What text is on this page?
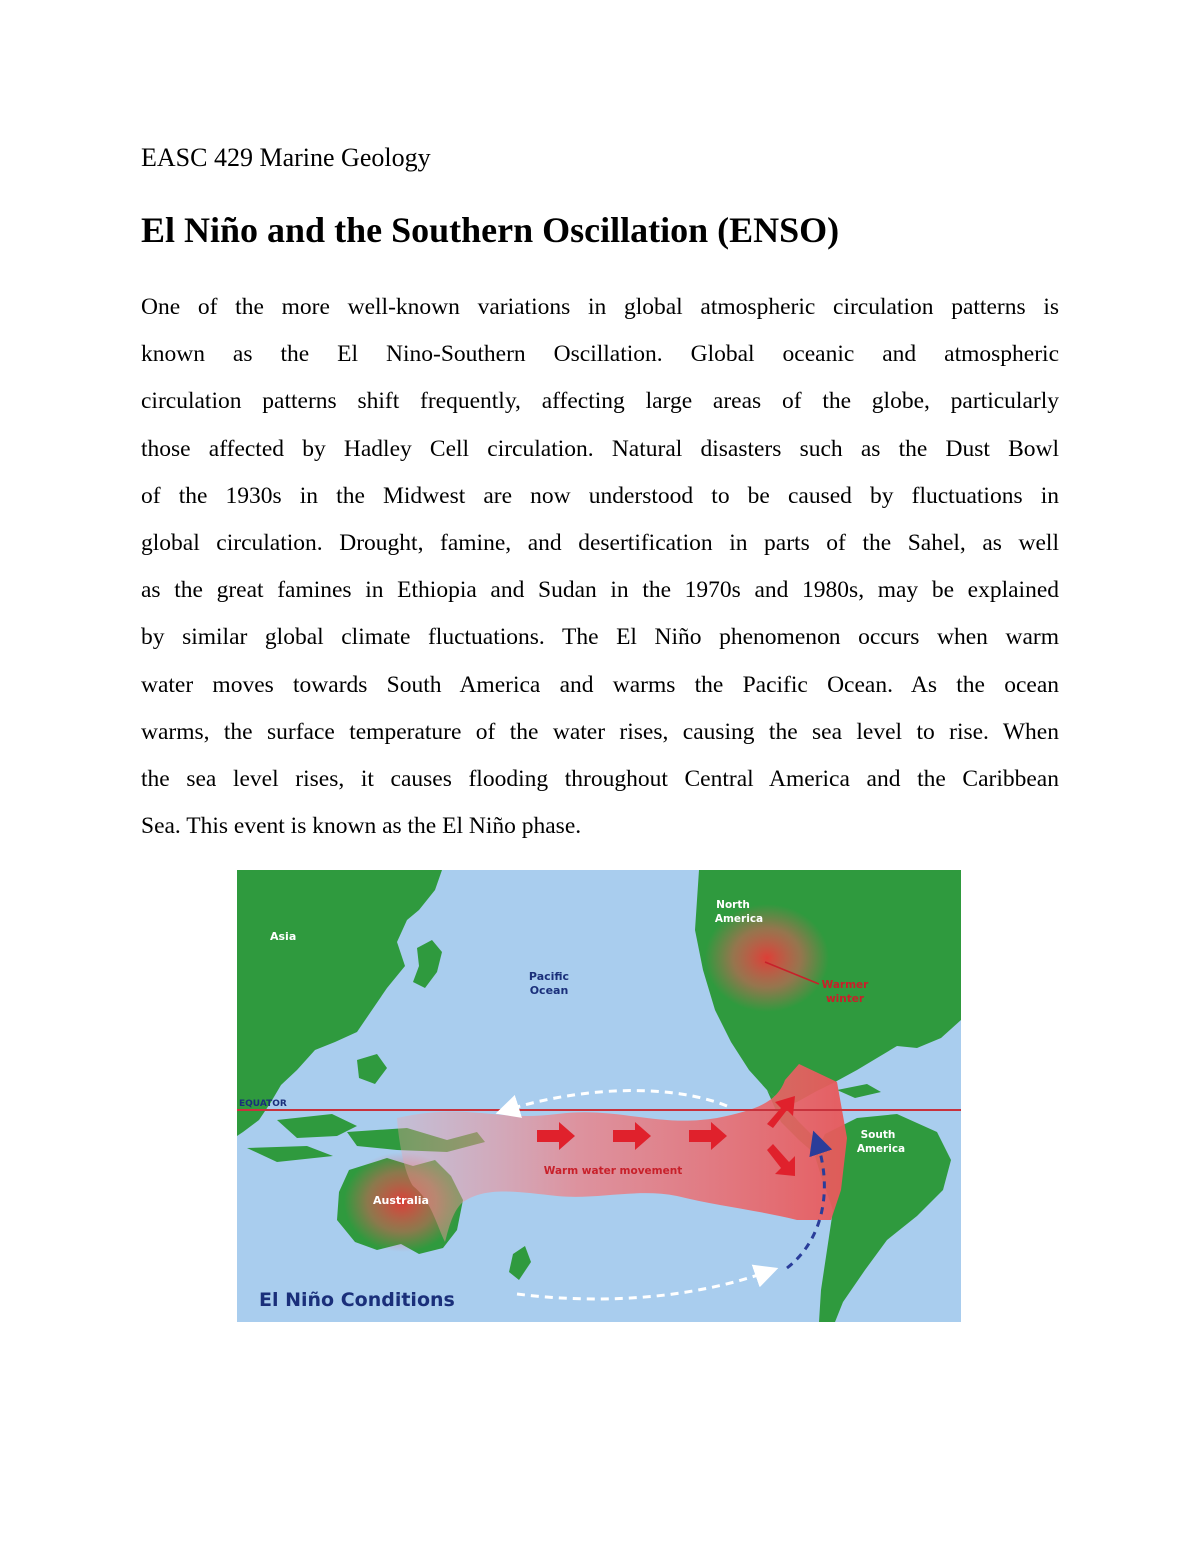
EASC 429 Marine Geology
El Niño and the Southern Oscillation (ENSO)
One of the more well-known variations in global atmospheric circulation patterns is
known as the El Nino-Southern Oscillation. Global oceanic and atmospheric
circulation patterns shift frequently, affecting large areas of the globe, particularly
those affected by Hadley Cell circulation. Natural disasters such as the Dust Bowl
of the 1930s in the Midwest are now understood to be caused by fluctuations in
global circulation. Drought, famine, and desertification in parts of the Sahel, as well
as the great famines in Ethiopia and Sudan in the 1970s and 1980s, may be explained
by similar global climate fluctuations. The El Niño phenomenon occurs when warm
water moves towards South America and warms the Pacific Ocean. As the ocean
warms, the surface temperature of the water rises, causing the sea level to rise. When
the sea level rises, it causes flooding throughout Central America and the Caribbean
Sea. This event is known as the El Niño phase.
Asia
Pacific
Ocean
North
America
Warmer
winter
EQUATOR
South
America
Australia
Warm water movement
El Niño Conditions
